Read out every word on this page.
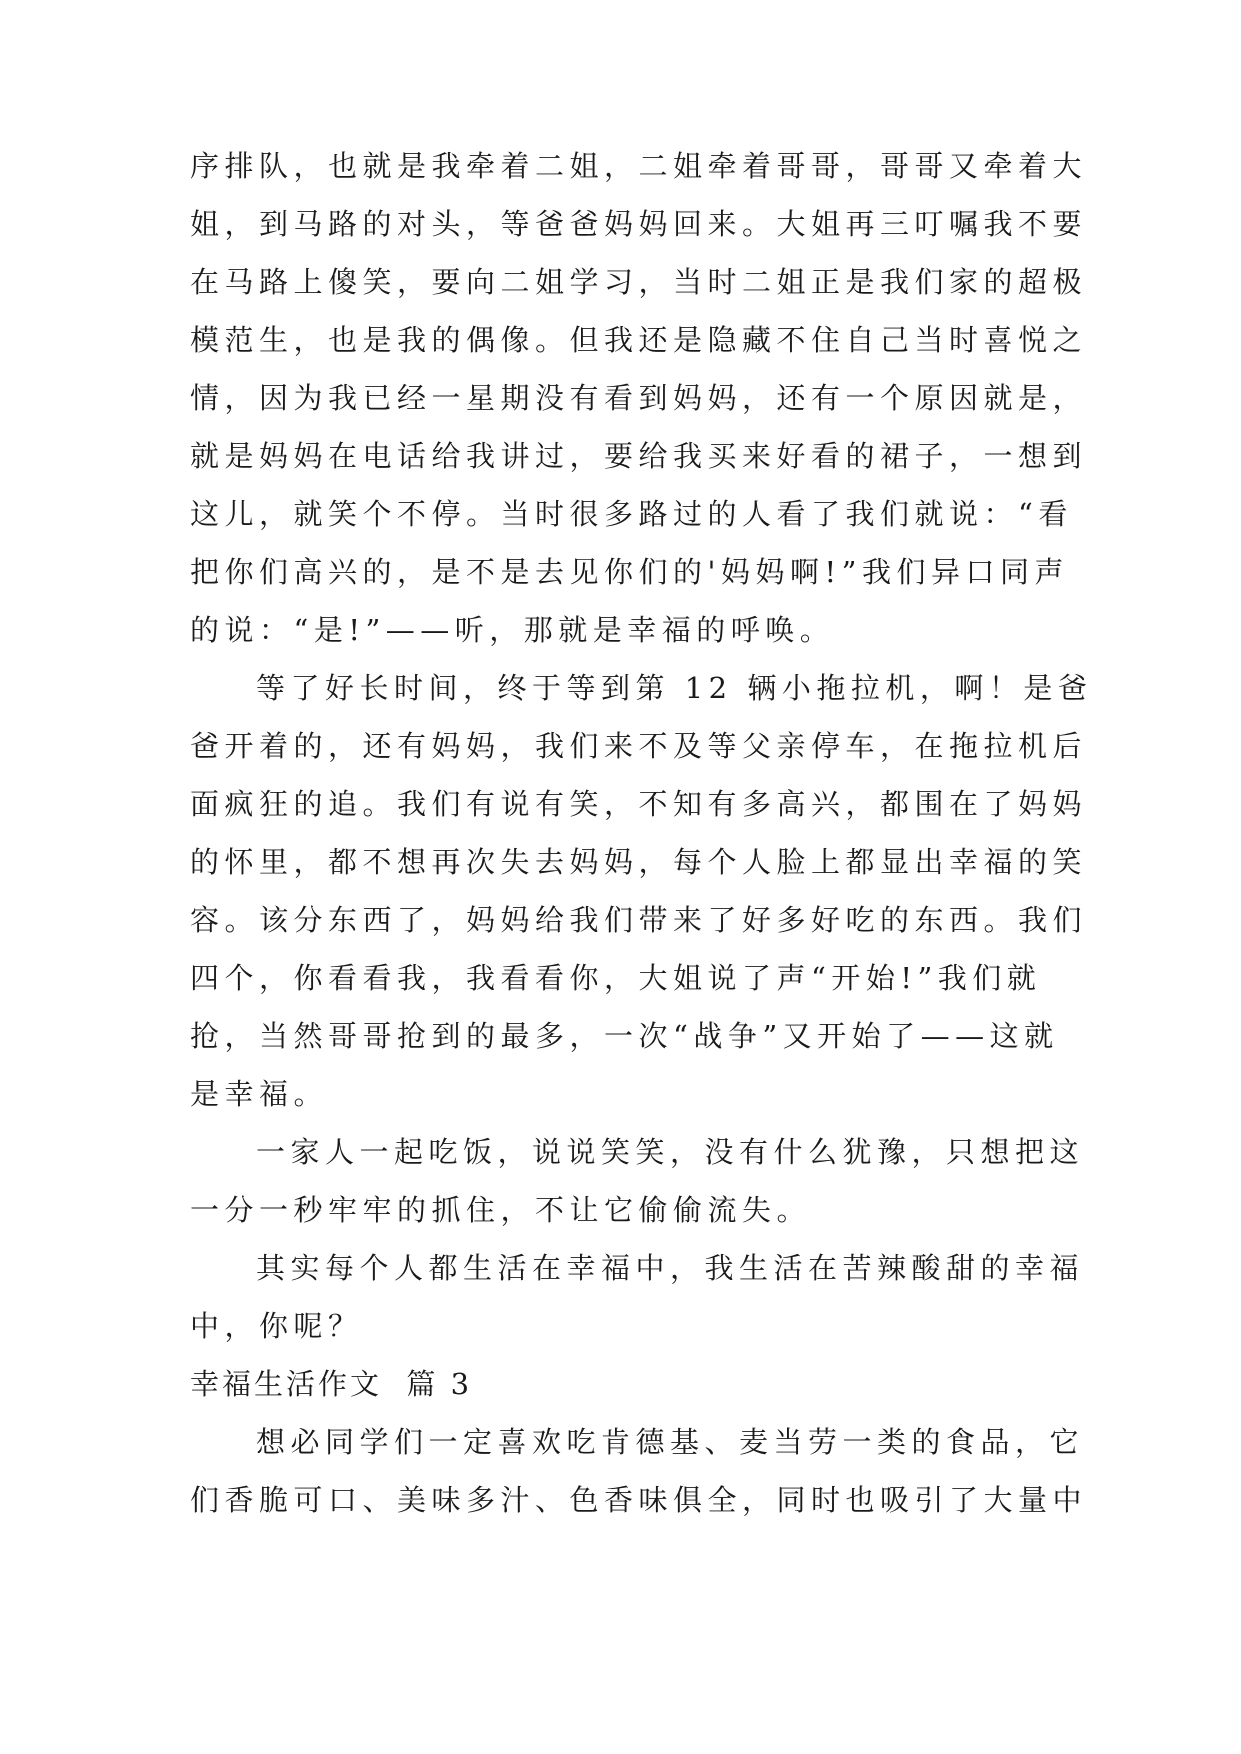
序排队，也就是我牵着二姐，二姐牵着哥哥，哥哥又牵着大
姐，到马路的对头，等爸爸妈妈回来。大姐再三叮嘱我不要
在马路上傻笑，要向二姐学习，当时二姐正是我们家的超极
模范生，也是我的偶像。但我还是隐藏不住自己当时喜悦之
情，因为我已经一星期没有看到妈妈，还有一个原因就是，
就是妈妈在电话给我讲过，要给我买来好看的裙子，一想到
这儿，就笑个不停。当时很多路过的人看了我们就说：“看
把你们高兴的，是不是去见你们的'妈妈啊!”我们异口同声
的说：“是!”——听，那就是幸福的呼唤。
等了好长时间，终于等到第 12 辆小拖拉机，啊！是爸
爸开着的，还有妈妈，我们来不及等父亲停车，在拖拉机后
面疯狂的追。我们有说有笑，不知有多高兴，都围在了妈妈
的怀里，都不想再次失去妈妈，每个人脸上都显出幸福的笑
容。该分东西了，妈妈给我们带来了好多好吃的东西。我们
四个，你看看我，我看看你，大姐说了声“开始!”我们就
抢，当然哥哥抢到的最多，一次“战争”又开始了——这就
是幸福。
一家人一起吃饭，说说笑笑，没有什么犹豫，只想把这
一分一秒牢牢的抓住，不让它偷偷流失。
其实每个人都生活在幸福中，我生活在苦辣酸甜的幸福
中，你呢？
幸福生活作文  篇 3
想必同学们一定喜欢吃肯德基、麦当劳一类的食品，它
们香脆可口、美味多汁、色香味俱全，同时也吸引了大量中
